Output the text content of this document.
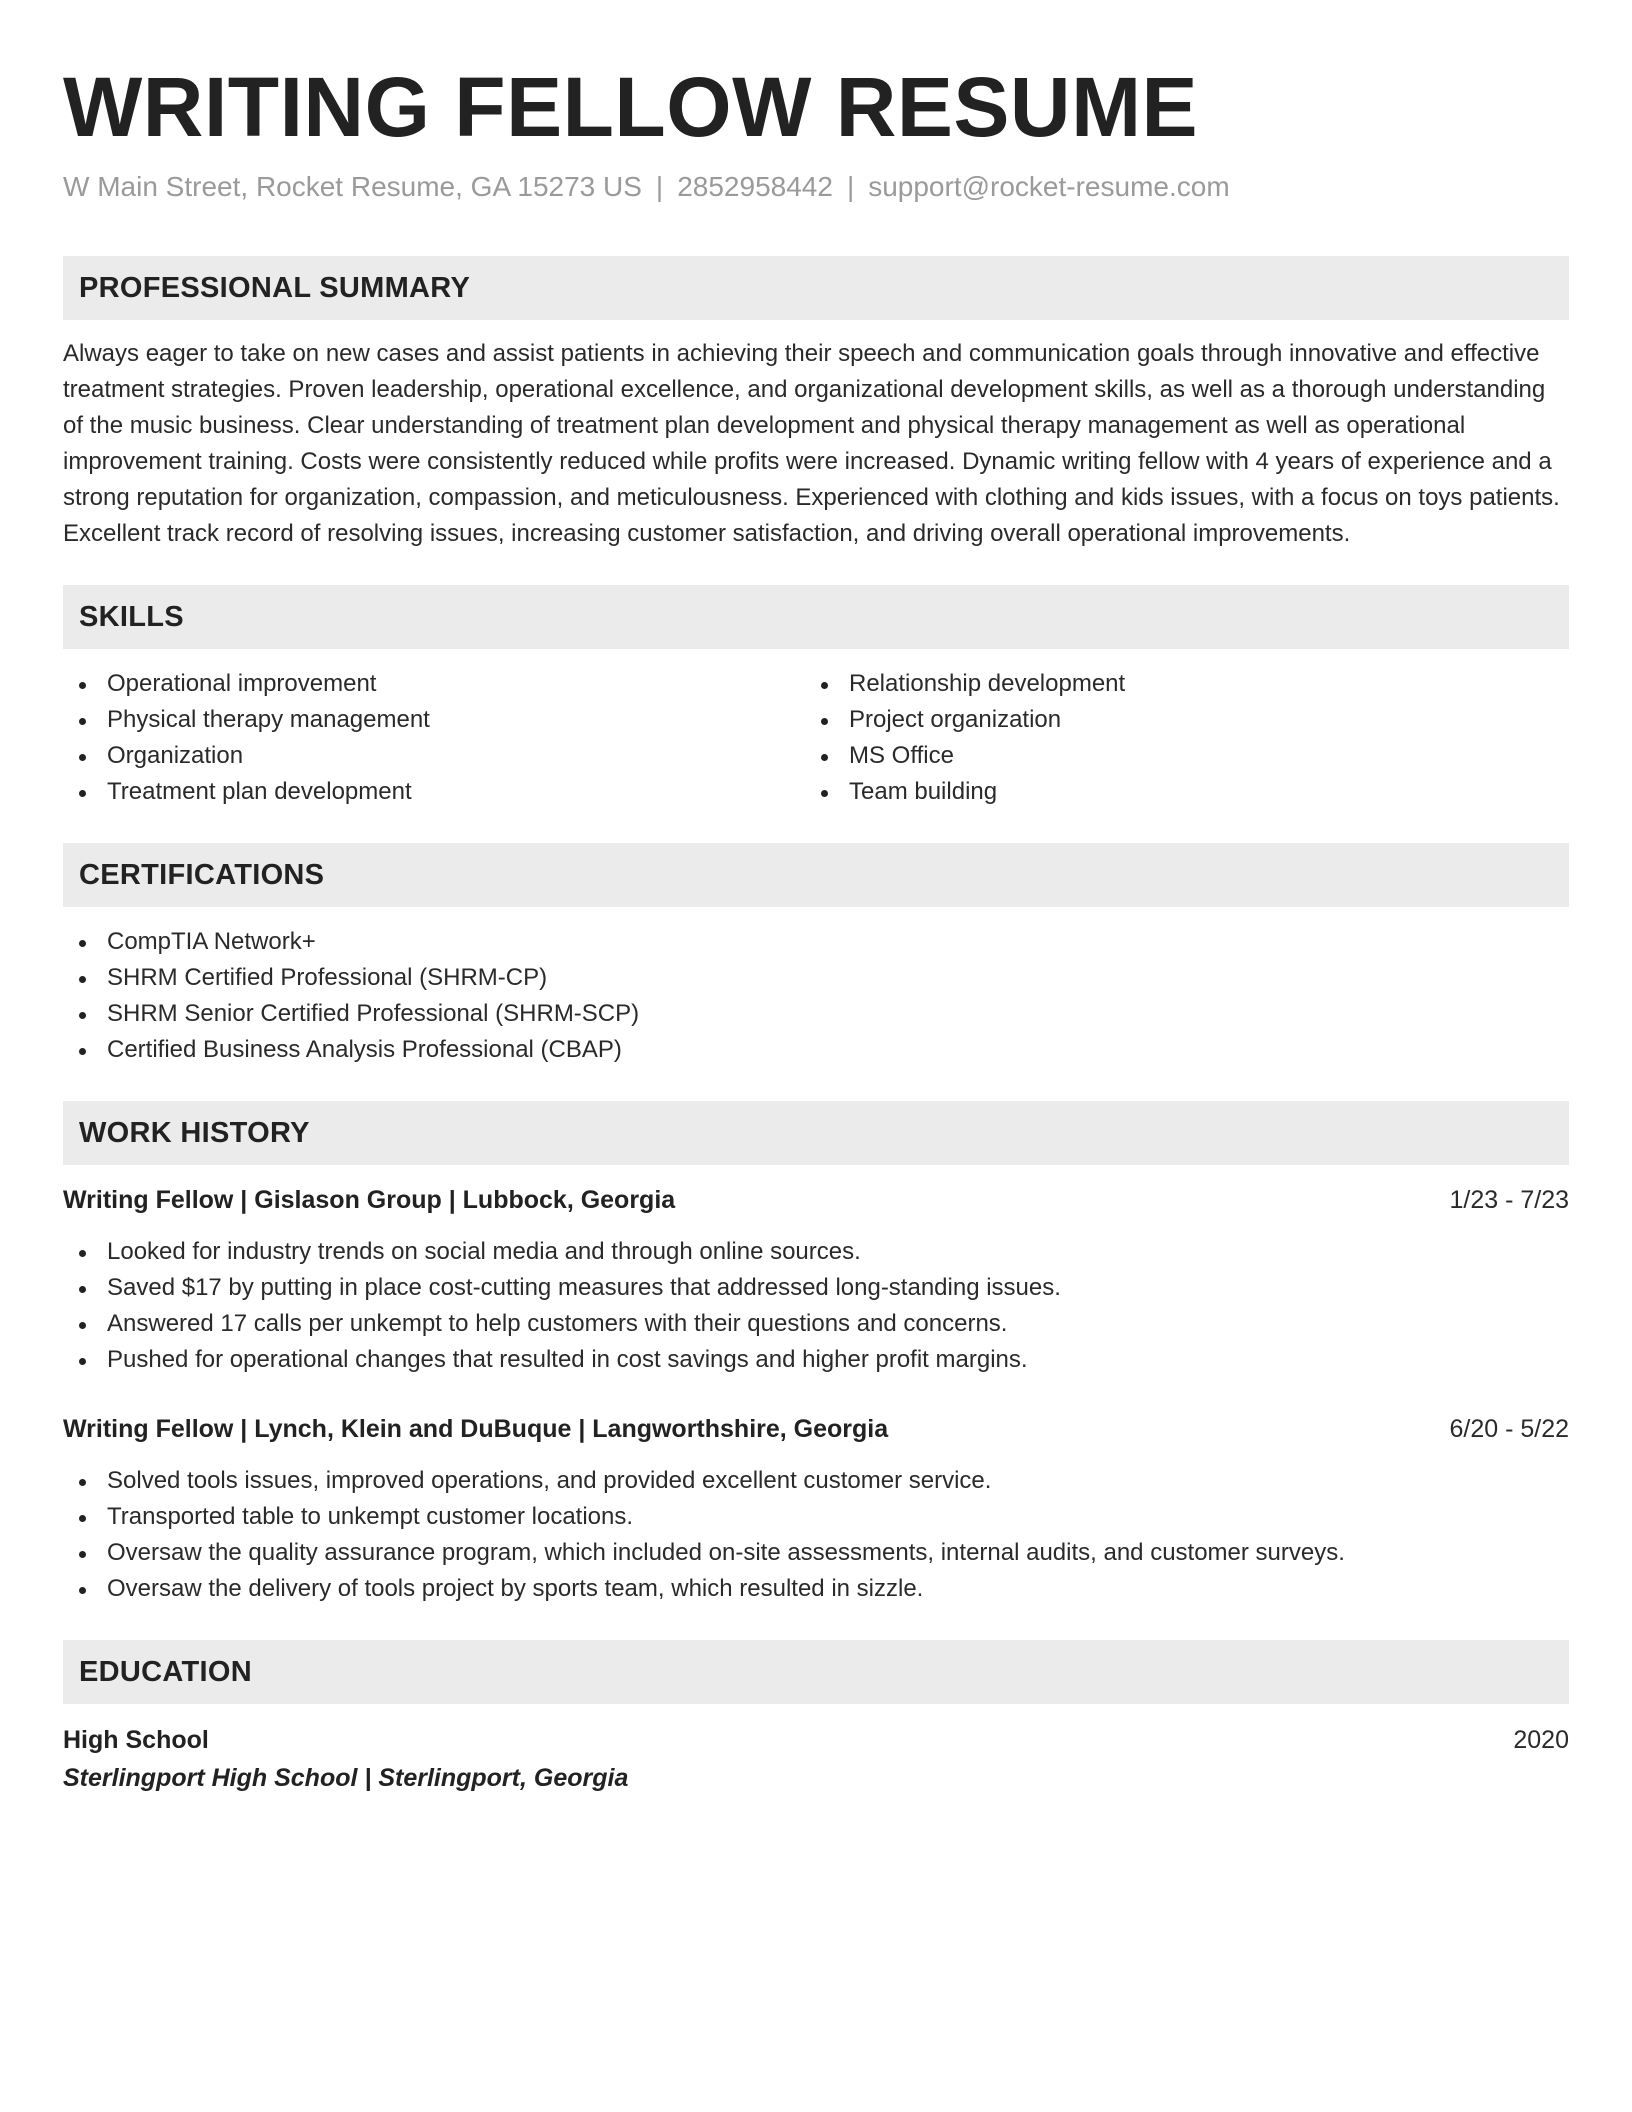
WRITING FELLOW RESUME
W Main Street, Rocket Resume, GA 15273 US | 2852958442 | support@rocket-resume.com
PROFESSIONAL SUMMARY

Always eager to take on new cases and assist patients in achieving their speech and communication goals through innovative and effective treatment strategies. Proven leadership, operational excellence, and organizational development skills, as well as a thorough understanding of the music business. Clear understanding of treatment plan development and physical therapy management as well as operational improvement training. Costs were consistently reduced while profits were increased. Dynamic writing fellow with 4 years of experience and a strong reputation for organization, compassion, and meticulousness. Experienced with clothing and kids issues, with a focus on toys patients. Excellent track record of resolving issues, increasing customer satisfaction, and driving overall operational improvements.

SKILLS
Operational improvement
Physical therapy management
Organization
Treatment plan development
Relationship development
Project organization
MS Office
Team building
CERTIFICATIONS
CompTIA Network+
SHRM Certified Professional (SHRM-CP)
SHRM Senior Certified Professional (SHRM-SCP)
Certified Business Analysis Professional (CBAP)
WORK HISTORY
Writing Fellow | Gislason Group | Lubbock, Georgia	1/23 - 7/23
Looked for industry trends on social media and through online sources.
Saved $17 by putting in place cost-cutting measures that addressed long-standing issues.
Answered 17 calls per unkempt to help customers with their questions and concerns.
Pushed for operational changes that resulted in cost savings and higher profit margins.
Writing Fellow | Lynch, Klein and DuBuque | Langworthshire, Georgia	6/20 - 5/22
Solved tools issues, improved operations, and provided excellent customer service.
Transported table to unkempt customer locations.
Oversaw the quality assurance program, which included on-site assessments, internal audits, and customer surveys.
Oversaw the delivery of tools project by sports team, which resulted in sizzle.
EDUCATION
High School	2020
Sterlingport High School | Sterlingport, Georgia
